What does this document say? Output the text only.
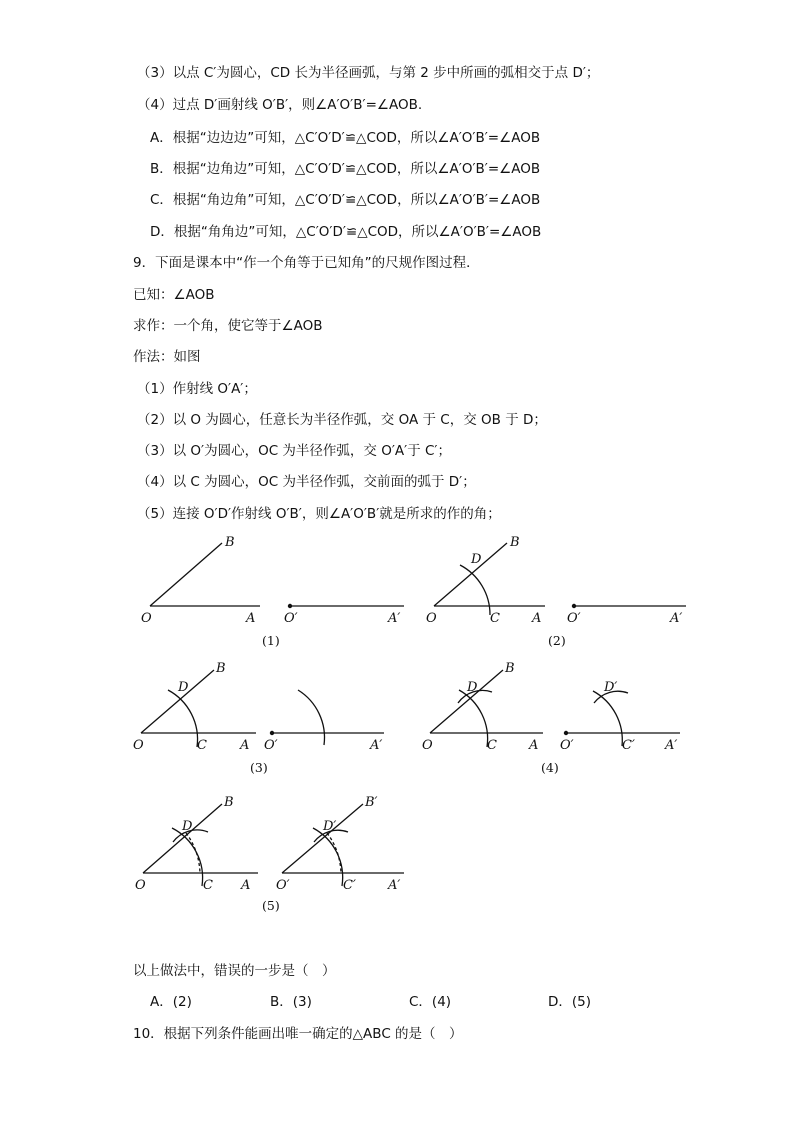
（3）以点 C′为圆心，CD 长为半径画弧，与第 2 步中所画的弧相交于点 D′；
（4）过点 D′画射线 O′B′，则∠A′O′B′=∠AOB.
A．根据“边边边”可知，△C′O′D′≌△COD，所以∠A′O′B′=∠AOB
B．根据“边角边”可知，△C′O′D′≌△COD，所以∠A′O′B′=∠AOB
C．根据“角边角”可知，△C′O′D′≌△COD，所以∠A′O′B′=∠AOB
D．根据“角角边”可知，△C′O′D′≌△COD，所以∠A′O′B′=∠AOB
9．下面是课本中“作一个角等于已知角”的尺规作图过程．
已知：∠AOB
求作：一个角，使它等于∠AOB
作法：如图
（1）作射线 O′A′；
（2）以 O 为圆心，任意长为半径作弧，交 OA 于 C，交 OB 于 D；
（3）以 O′为圆心，OC 为半径作弧，交 O′A′于 C′；
（4）以 C 为圆心，OC 为半径作弧，交前面的弧于 D′；
（5）连接 O′D′作射线 O′B′，则∠A′O′B′就是所求的作的角；
O	A
B
O′	A′
(1)
O	C A
D
B
O′	A′
(2)
O	C	A
D
B
O′	A′
(3)
O	C A
D
B
O′	C′ A′
D′
(4)
O	C A
D
B
O′	C′ A′
D′
B′
(5)
以上做法中，错误的一步是（　）
A．(2)	B．(3)	C．(4)	D．(5)
10．根据下列条件能画出唯一确定的△ABC 的是（　）
